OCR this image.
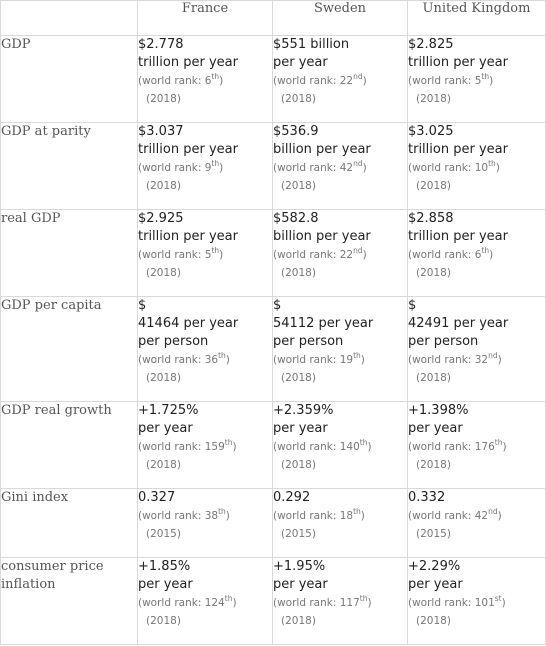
	France	Sweden	United Kingdom
GDP	$2.778
trillion per year
(world rank: 6th)
(2018)	$551 billion
per year
(world rank: 22nd)
(2018)	$2.825
trillion per year
(world rank: 5th)
(2018)

GDP at parity	$3.037
trillion per year
(world rank: 9th)
(2018)	$536.9
billion per year
(world rank: 42nd)
(2018)	$3.025
trillion per year
(world rank: 10th)
(2018)

real GDP	$2.925
trillion per year
(world rank: 5th)
(2018)	$582.8
billion per year
(world rank: 22nd)
(2018)	$2.858
trillion per year
(world rank: 6th)
(2018)

GDP per capita	$
41464 per year
per person
(world rank: 36th)
(2018)	$
54112 per year
per person
(world rank: 19th)
(2018)	$
42491 per year
per person
(world rank: 32nd)
(2018)

GDP real growth	+1.725%
per year
(world rank: 159th)
(2018)	+2.359%
per year
(world rank: 140th)
(2018)	+1.398%
per year
(world rank: 176th)
(2018)

Gini index	0.327
(world rank: 38th)
(2015)	0.292
(world rank: 18th)
(2015)	0.332
(world rank: 42nd)
(2015)

consumer price inflation	+1.85%
per year
(world rank: 124th)
(2018)	+1.95%
per year
(world rank: 117th)
(2018)	+2.29%
per year
(world rank: 101st)
(2018)
